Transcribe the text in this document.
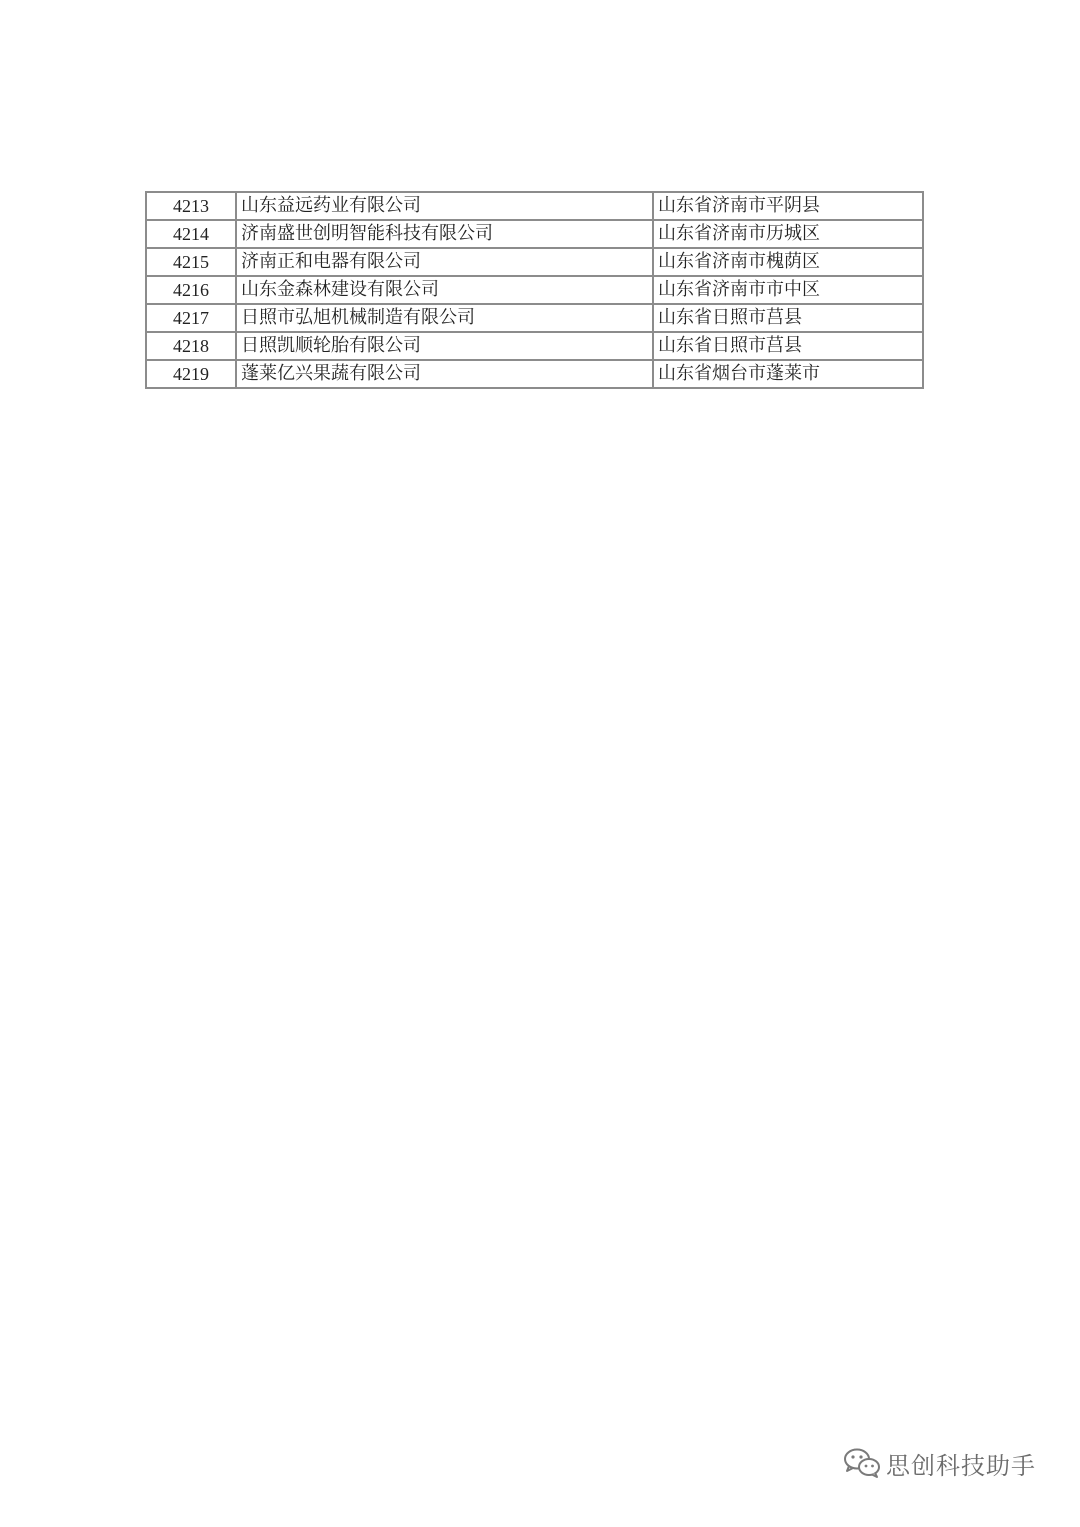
4213	山东益远药业有限公司	山东省济南市平阴县
4214	济南盛世创明智能科技有限公司	山东省济南市历城区
4215	济南正和电器有限公司	山东省济南市槐荫区
4216	山东金森林建设有限公司	山东省济南市市中区
4217	日照市弘旭机械制造有限公司	山东省日照市莒县
4218	日照凯顺轮胎有限公司	山东省日照市莒县
4219	蓬莱亿兴果蔬有限公司	山东省烟台市蓬莱市
思创科技助手
